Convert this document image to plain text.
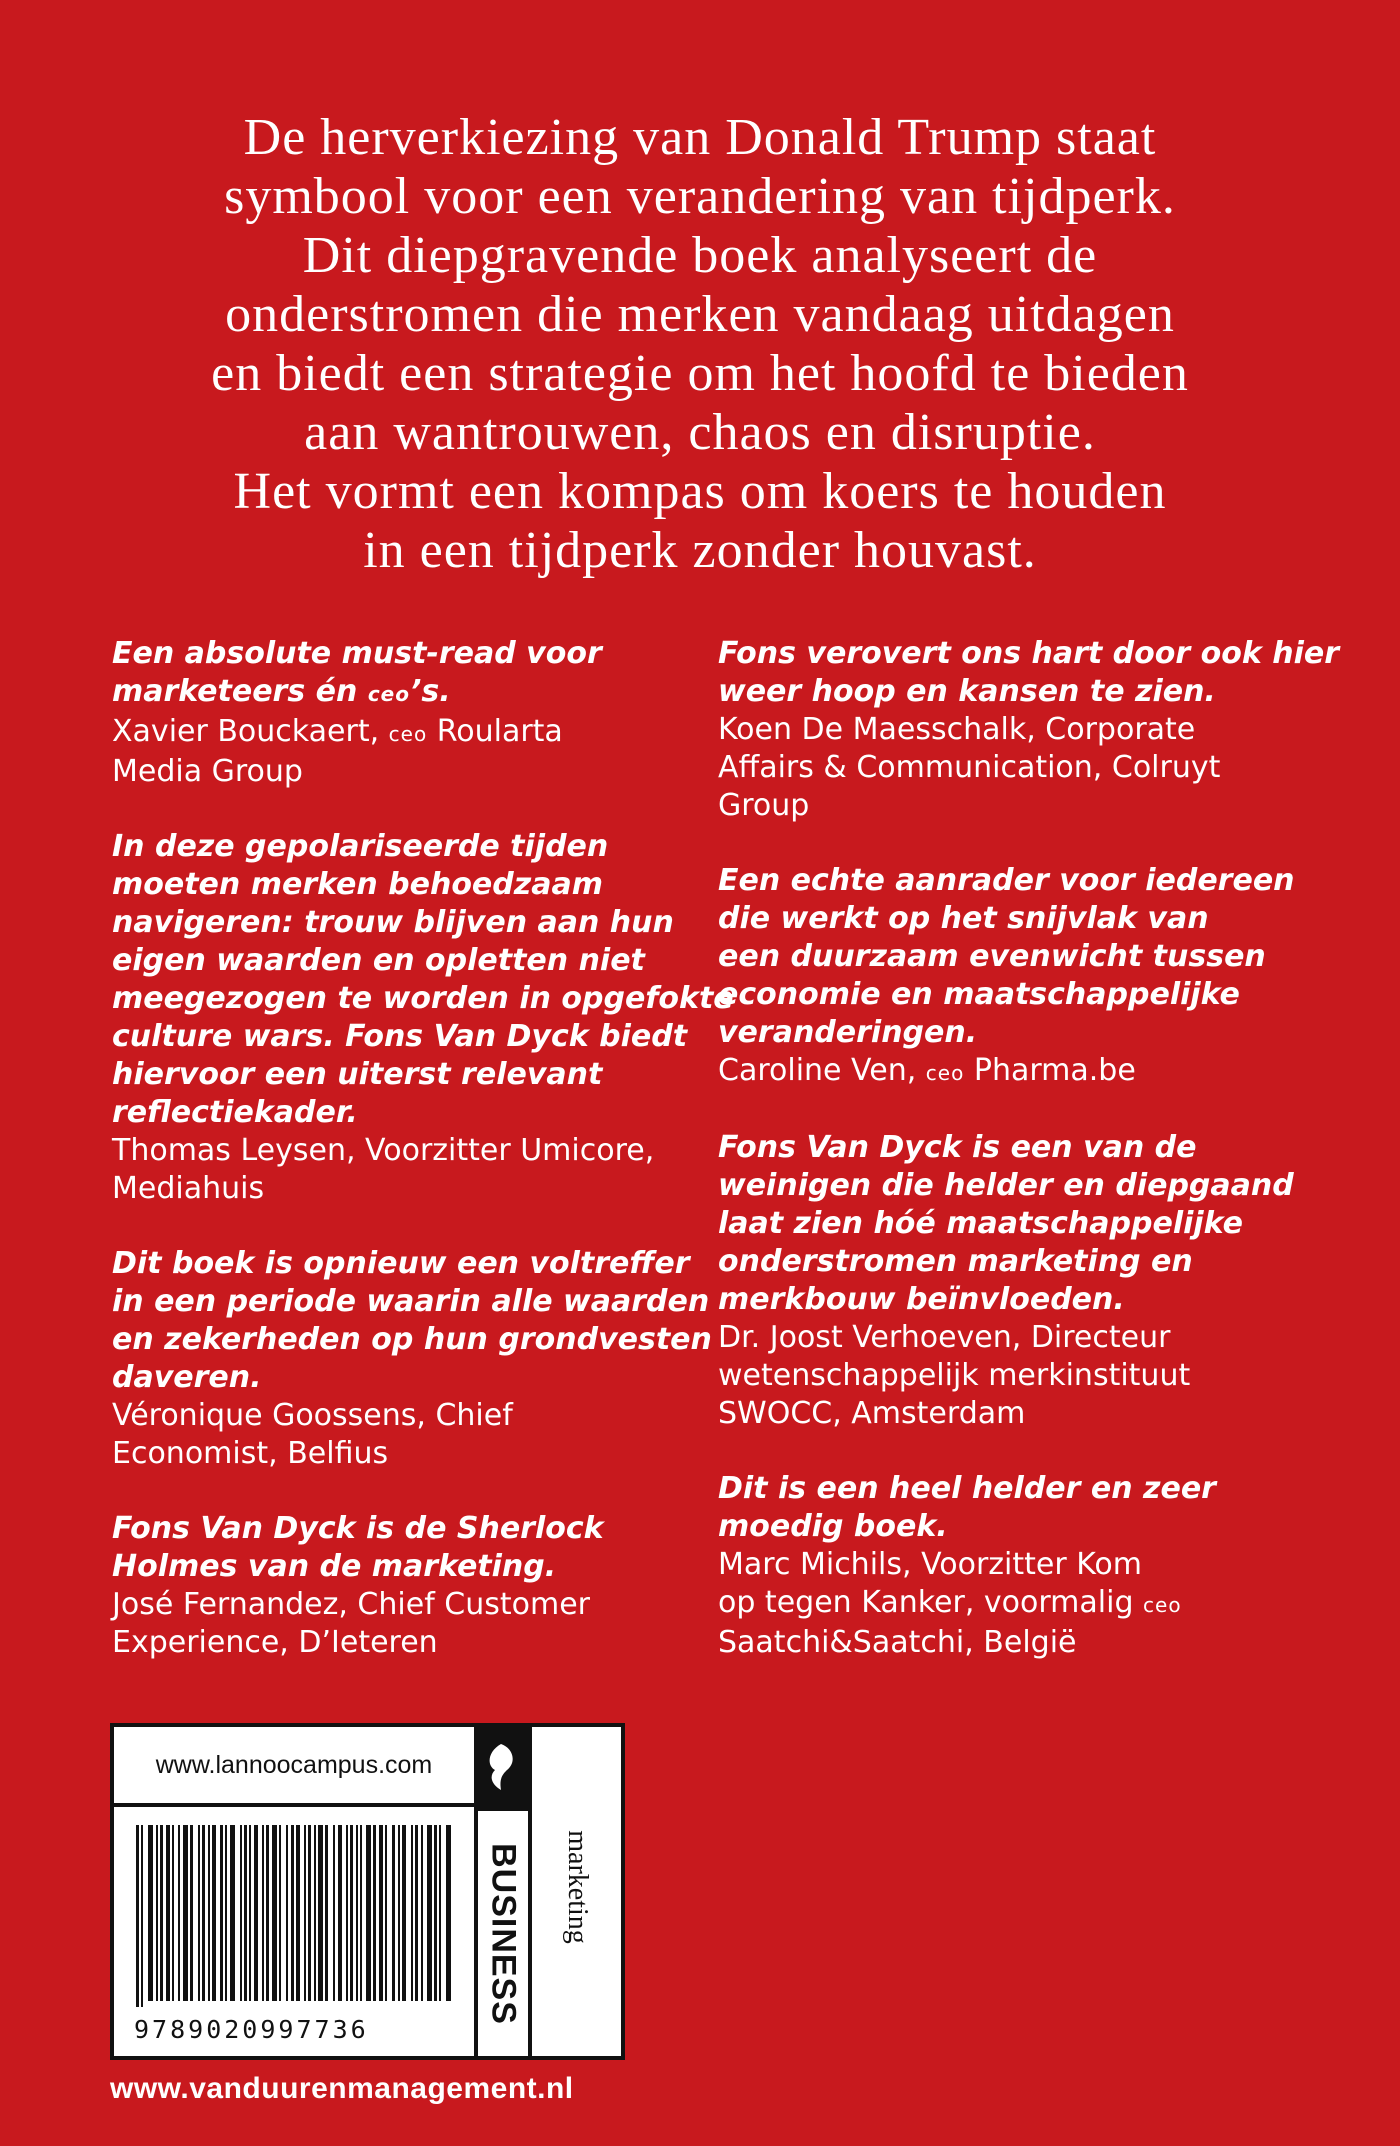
De herverkiezing van Donald Trump staat
symbool voor een verandering van tijdperk.
Dit diepgravende boek analyseert de
onderstromen die merken vandaag uitdagen
en biedt een strategie om het hoofd te bieden
aan wantrouwen, chaos en disruptie.
Het vormt een kompas om koers te houden
in een tijdperk zonder houvast.
Een absolute must-read voor
marketeers én ceo’s.
Xavier Bouckaert, ceo Roularta
Media Group
In deze gepolariseerde tijden
moeten merken behoedzaam
navigeren: trouw blijven aan hun
eigen waarden en opletten niet
meegezogen te worden in opgefokte
culture wars. Fons Van Dyck biedt
hiervoor een uiterst relevant
reflectiekader.
Thomas Leysen, Voorzitter Umicore,
Mediahuis
Dit boek is opnieuw een voltreffer
in een periode waarin alle waarden
en zekerheden op hun grondvesten
daveren.
Véronique Goossens, Chief
Economist, Belfius
Fons Van Dyck is de Sherlock
Holmes van de marketing.
José Fernandez, Chief Customer
Experience, D’Ieteren
Fons verovert ons hart door ook hier
weer hoop en kansen te zien.
Koen De Maesschalk, Corporate
Affairs & Communication, Colruyt
Group
Een echte aanrader voor iedereen
die werkt op het snijvlak van
een duurzaam evenwicht tussen
economie en maatschappelijke
veranderingen.
Caroline Ven, ceo Pharma.be
Fons Van Dyck is een van de
weinigen die helder en diepgaand
laat zien hóé maatschappelijke
onderstromen marketing en
merkbouw beïnvloeden.
Dr. Joost Verhoeven, Directeur
wetenschappelijk merkinstituut
SWOCC, Amsterdam
Dit is een heel helder en zeer
moedig boek.
Marc Michils, Voorzitter Kom
op tegen Kanker, voormalig ceo
Saatchi&Saatchi, België
www.lannoocampus.com
9789020997736
BUSINESS marketing
www.vanduurenmanagement.nl
